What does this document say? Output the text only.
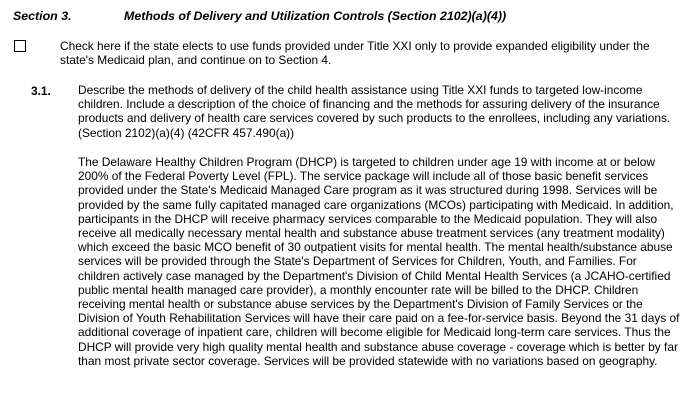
Section 3.	Methods of Delivery and Utilization Controls (Section 2102)(a)(4))
Check here if the state elects to use funds provided under Title XXI only to provide expanded eligibility under the state's Medicaid plan, and continue on to Section 4.
3.1. Describe the methods of delivery of the child health assistance using Title XXI funds to targeted low-income children. Include a description of the choice of financing and the methods for assuring delivery of the insurance products and delivery of health care services covered by such products to the enrollees, including any variations. (Section 2102)(a)(4) (42CFR 457.490(a))
The Delaware Healthy Children Program (DHCP) is targeted to children under age 19 with income at or below 200% of the Federal Poverty Level (FPL). The service package will include all of those basic benefit services provided under the State's Medicaid Managed Care program as it was structured during 1998. Services will be provided by the same fully capitated managed care organizations (MCOs) participating with Medicaid. In addition, participants in the DHCP will receive pharmacy services comparable to the Medicaid population. They will also receive all medically necessary mental health and substance abuse treatment services (any treatment modality) which exceed the basic MCO benefit of 30 outpatient visits for mental health. The mental health/substance abuse services will be provided through the State's Department of Services for Children, Youth, and Families. For children actively case managed by the Department's Division of Child Mental Health Services (a JCAHO-certified public mental health managed care provider), a monthly encounter rate will be billed to the DHCP. Children receiving mental health or substance abuse services by the Department's Division of Family Services or the Division of Youth Rehabilitation Services will have their care paid on a fee-for-service basis. Beyond the 31 days of additional coverage of inpatient care, children will become eligible for Medicaid long-term care services. Thus the DHCP will provide very high quality mental health and substance abuse coverage - coverage which is better by far than most private sector coverage. Services will be provided statewide with no variations based on geography.
